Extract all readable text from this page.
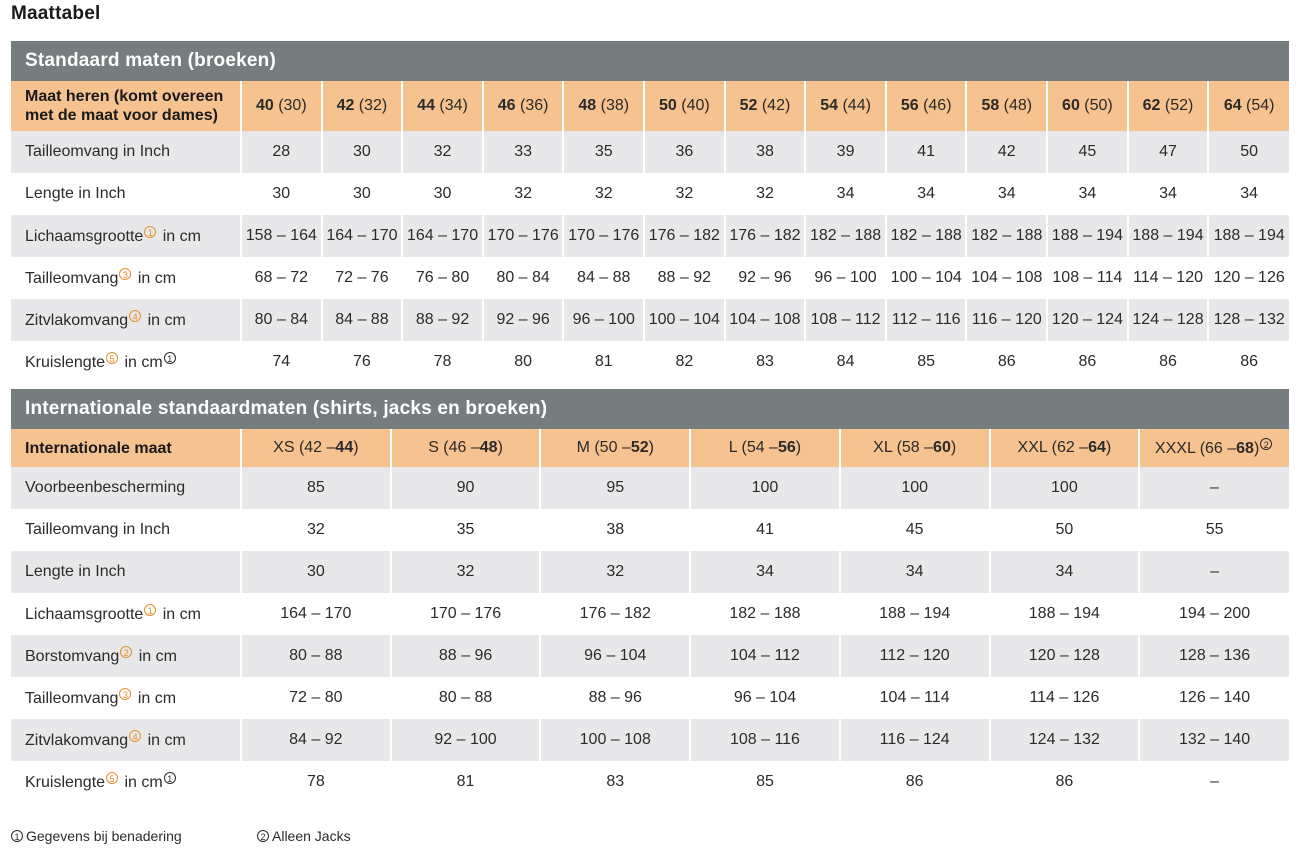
Maattabel
Standaard maten (broeken)													
Maat heren (komt overeen met de maat voor dames)	40 (30)	42 (32)	44 (34)	46 (36)	48 (38)	50 (40)	52 (42)	54 (44)	56 (46)	58 (48)	60 (50)	62 (52)	64 (54)
Tailleomvang in Inch	28	30	32	33	35	36	38	39	41	42	45	47	50
Lengte in Inch	30	30	30	32	32	32	32	34	34	34	34	34	34
Lichaamsgrootte 1 in cm	158 – 164	164 – 170	164 – 170	170 – 176	170 – 176	176 – 182	176 – 182	182 – 188	182 – 188	182 – 188	188 – 194	188 – 194	188 – 194
Tailleomvang 3 in cm	68 – 72	72 – 76	76 – 80	80 – 84	84 – 88	88 – 92	92 – 96	96 – 100	100 – 104	104 – 108	108 – 114	114 – 120	120 – 126
Zitvlakomvang 4 in cm	80 – 84	84 – 88	88 – 92	92 – 96	96 – 100	100 – 104	104 – 108	108 – 112	112 – 116	116 – 120	120 – 124	124 – 128	128 – 132
Kruislengte 5 in cm 1	74	76	78	80	81	82	83	84	85	86	86	86	86
Internationale standaardmaten (shirts, jacks en broeken)							
Internationale maat	XS (42 –44)	S (46 –48)	M (50 –52)	L (54 –56)	XL (58 –60)	XXL (62 –64)	XXXL (66 –68) 2
Voorbeenbescherming	85	90	95	100	100	100	–
Tailleomvang in Inch	32	35	38	41	45	50	55
Lengte in Inch	30	32	32	34	34	34	–
Lichaamsgrootte 1 in cm	164 – 170	170 – 176	176 – 182	182 – 188	188 – 194	188 – 194	194 – 200
Borstomvang 2 in cm	80 – 88	88 – 96	96 – 104	104 – 112	112 – 120	120 – 128	128 – 136
Tailleomvang 3 in cm	72 – 80	80 – 88	88 – 96	96 – 104	104 – 114	114 – 126	126 – 140
Zitvlakomvang 4 in cm	84 – 92	92 – 100	100 – 108	108 – 116	116 – 124	124 – 132	132 – 140
Kruislengte 5 in cm 1	78	81	83	85	86	86	–
1 Gegevens bij benadering	2 Alleen Jacks
